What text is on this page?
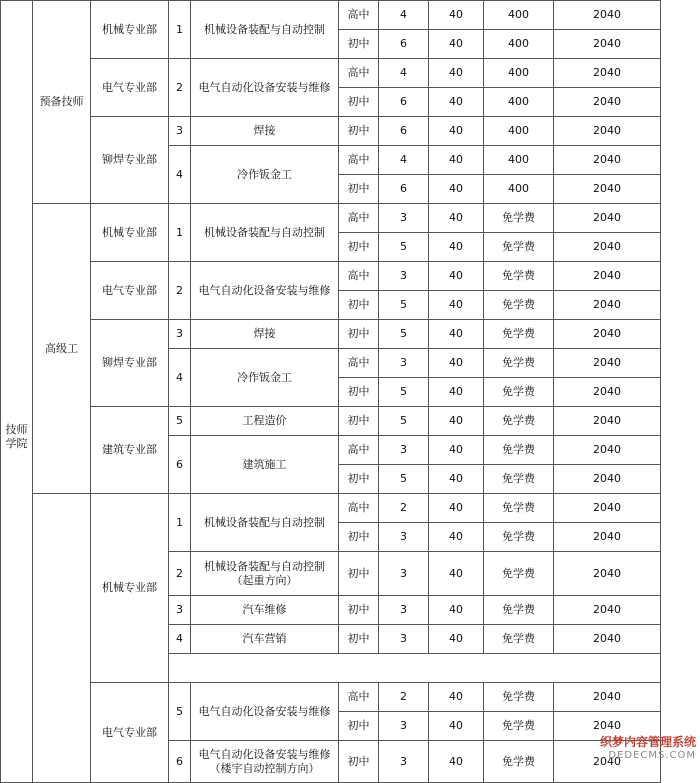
技师学院	预备技师	机械专业部	1	机械设备装配与自动控制	高中	4	40	400	2040	

					初中	6	40	400	2040	
		电气专业部	2	电气自动化设备安装与维修	高中	4	40	400	2040	
					初中	6	40	400	2040	
		铆焊专业部	3	焊接	初中	6	40	400	2040	
			4	冷作钣金工	高中	4	40	400	2040	
					初中	6	40	400	2040	
	高级工	机械专业部	1	机械设备装配与自动控制	高中	3	40	免学费	2040	

					初中	5	40	免学费	2040	
		电气专业部	2	电气自动化设备安装与维修	高中	3	40	免学费	2040	
					初中	5	40	免学费	2040	
		铆焊专业部	3	焊接	初中	5	40	免学费	2040	
			4	冷作钣金工	高中	3	40	免学费	2040	
					初中	5	40	免学费	2040	
		建筑专业部	5	工程造价	初中	5	40	免学费	2040	
			6	建筑施工	高中	3	40	免学费	2040	
					初中	5	40	免学费	2040	
		机械专业部	1	机械设备装配与自动控制	高中	2	40	免学费	2040	
					初中	3	40	免学费	2040	
			2	机械设备装配与自动控制
（起重方向）	初中	3	40	免学费	2040	
			3	汽车维修	初中	3	40	免学费	2040	
			4	汽车营销	初中	3	40	免学费	2040	

		电气专业部	5	电气自动化设备安装与维修	高中	2	40	免学费	2040	
					初中	3	40	免学费	2040	
			6	电气自动化设备安装与维修
（楼宇自动控制方向）	初中	3	40	免学费	2040	
织梦内容管理系统
DEDECMS.COM
